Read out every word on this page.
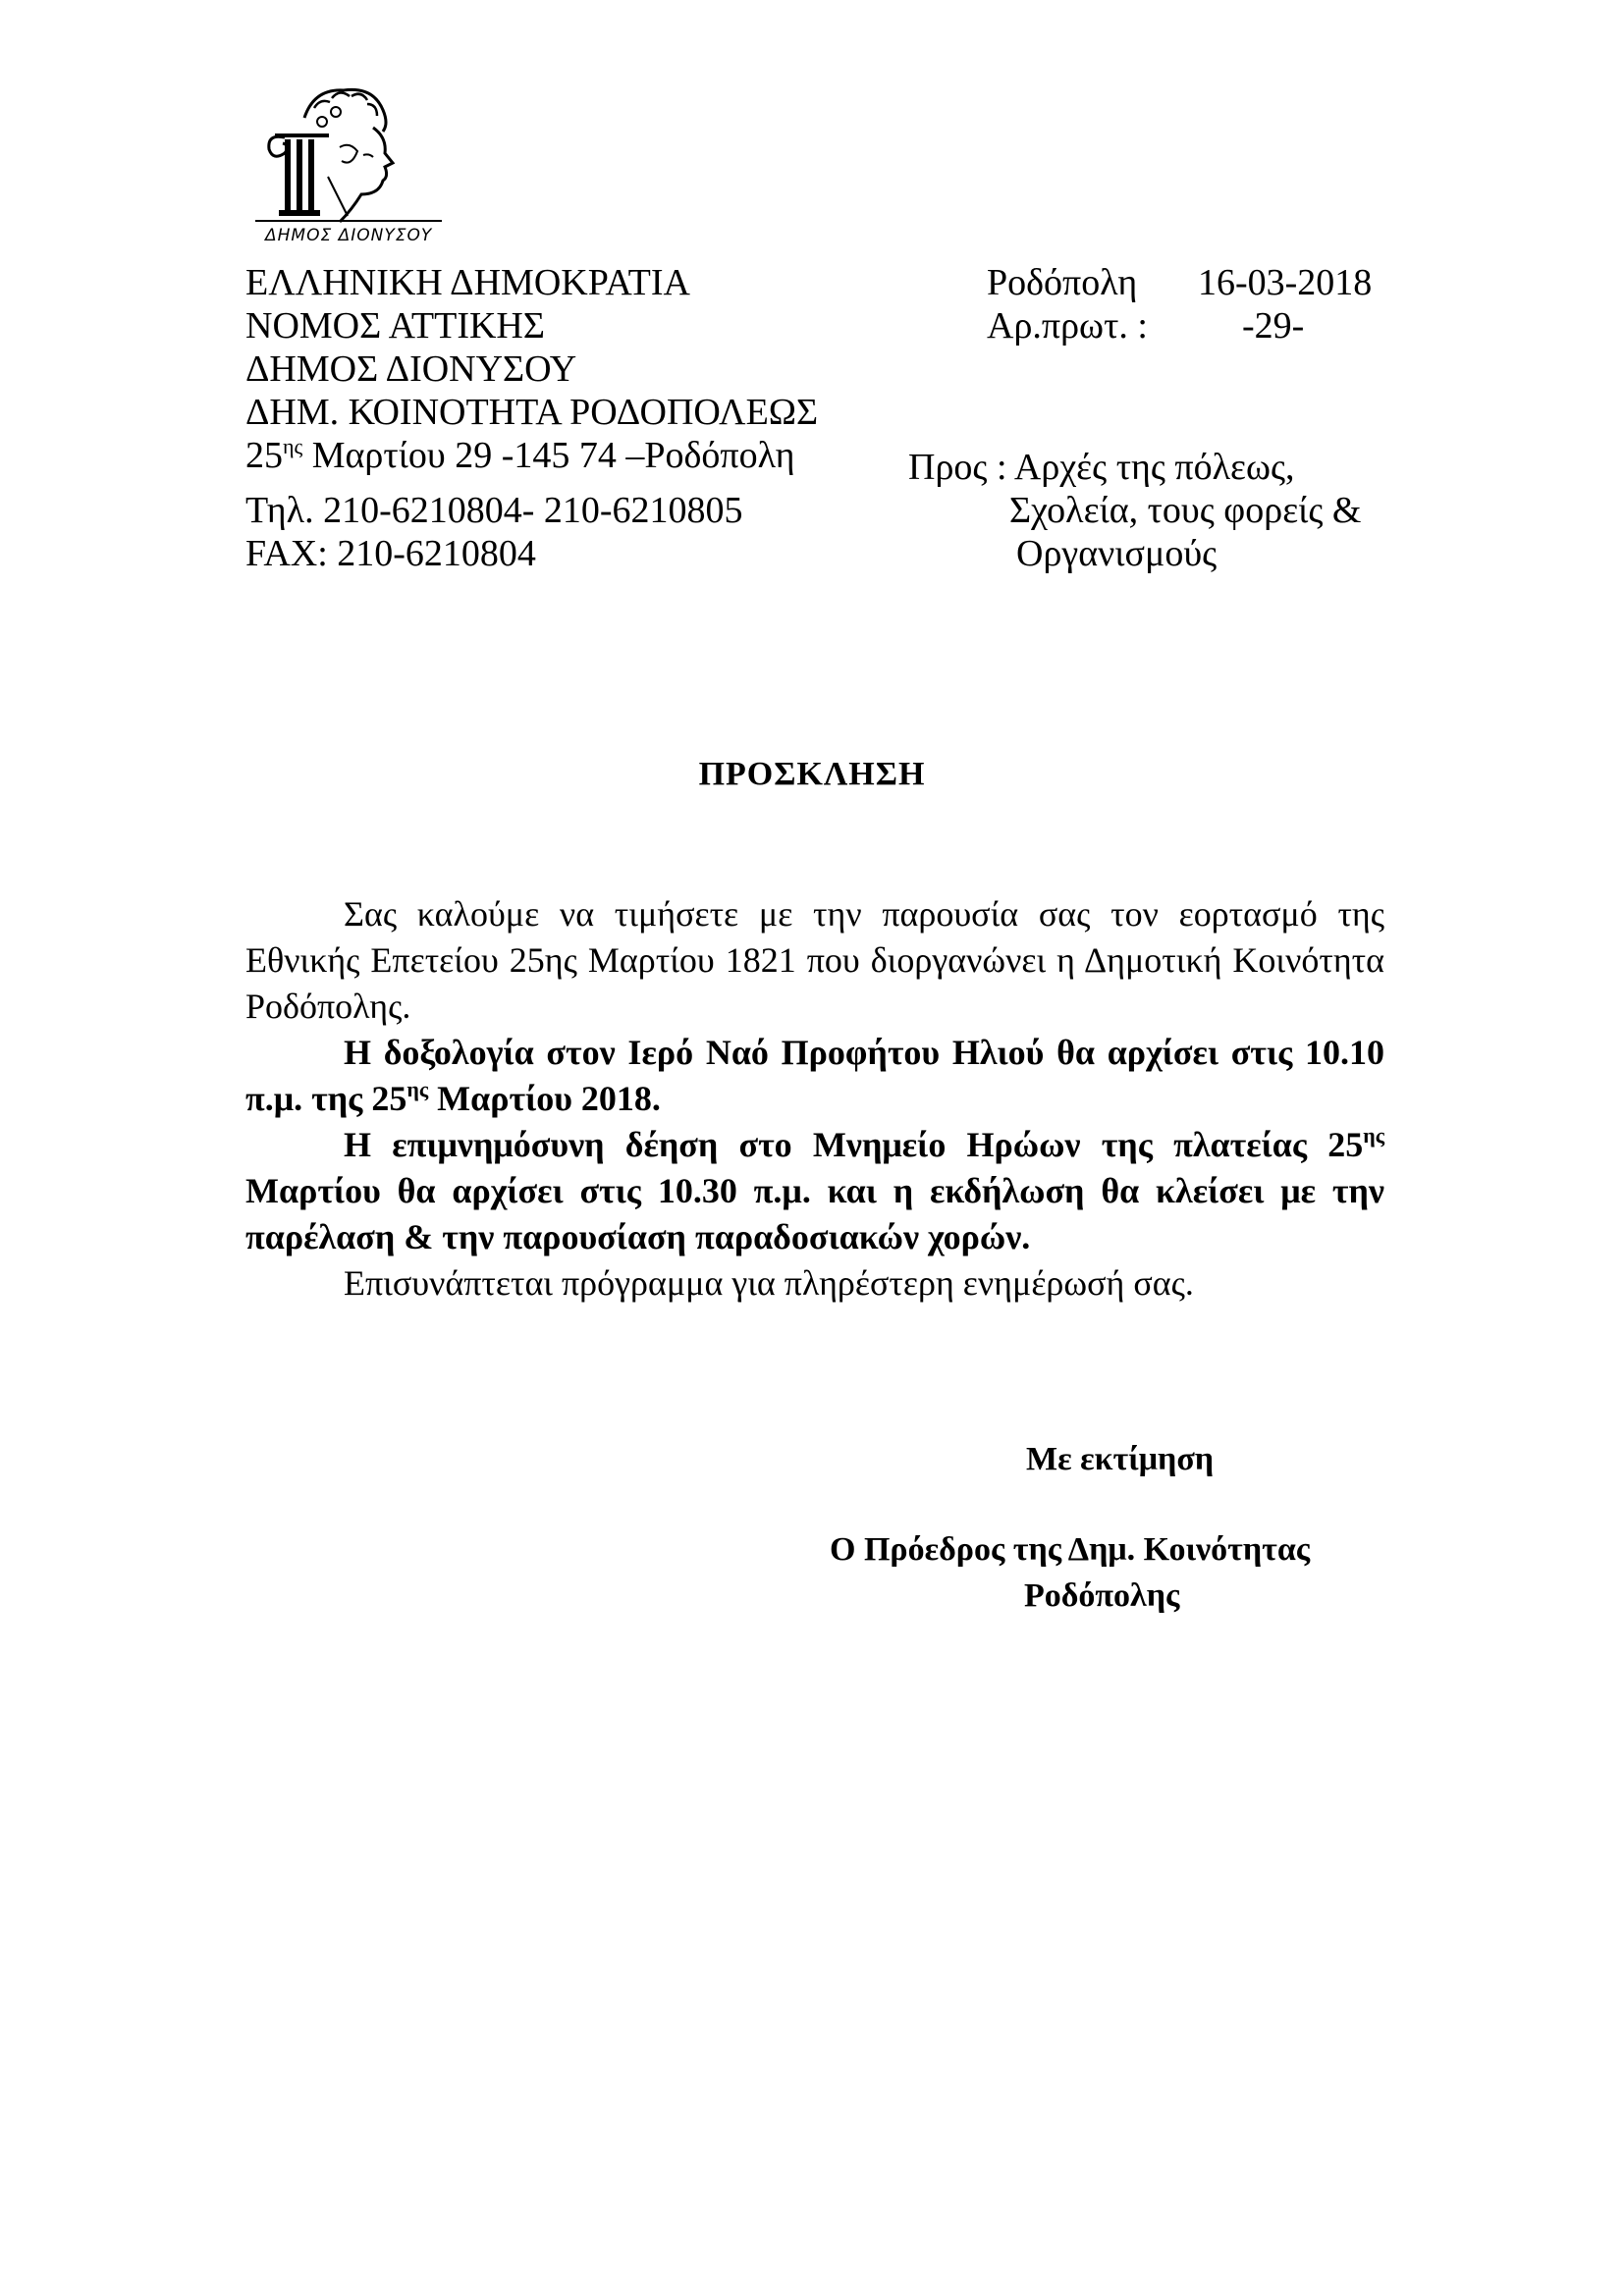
ΔΗΜΟΣ ΔΙΟΝΥΣΟΥ
ΕΛΛΗΝΙΚΗ ΔΗΜΟΚΡΑΤΙΑ
ΝΟΜΟΣ ΑΤΤΙΚΗΣ
ΔΗΜΟΣ ΔΙΟΝΥΣΟΥ
ΔΗΜ. ΚΟΙΝΟΤΗΤΑ ΡΟΔΟΠΟΛΕΩΣ
$25^{\eta\varsigma}$ Μαρτίου 29 -145 74 –Ροδόπολη
Τηλ. 210-6210804- 210-6210805
FAX: 210-6210804
Ροδόπολη 16-03-2018
Αρ.πρωτ. :	-29-
Προς : Αρχές της πόλεως,
Σχολεία, τους φορείς &
Οργανισμούς
ΠΡΟΣΚΛΗΣΗ

Σας καλούμε να τιμήσετε με την παρουσία σας τον εορτασμό της Εθνικής Επετείου 25ης Μαρτίου 1821 που διοργανώνει η Δημοτική Κοινότητα Ροδόπολης.

Η δοξολογία στον Ιερό Ναό Προφήτου Ηλιού θα αρχίσει στις 10.10 π.μ. της $25^{\eta\varsigma}$ Μαρτίου 2018.

Η επιμνημόσυνη δέηση στο Μνημείο Ηρώων της πλατείας $25^{\eta\varsigma}$ Μαρτίου θα αρχίσει στις 10.30 π.μ. και η εκδήλωση θα κλείσει με την παρέλαση & την παρουσίαση παραδοσιακών χορών.

Επισυνάπτεται πρόγραμμα για πληρέστερη ενημέρωσή σας.

Με εκτίμηση
Ο Πρόεδρος της Δημ. Κοινότητας
Ροδόπολης
